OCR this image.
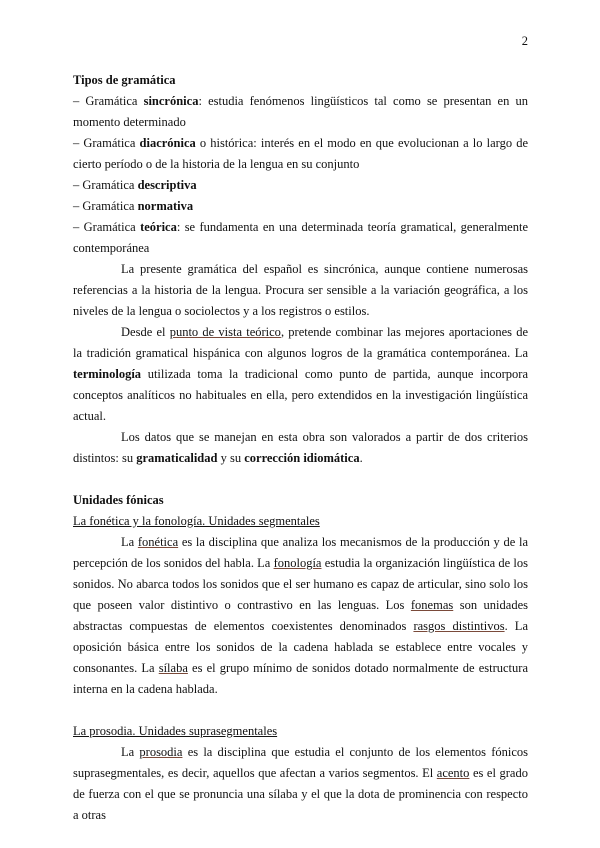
2

Tipos de gramática

– Gramática sincrónica: estudia fenómenos lingüísticos tal como se presentan en un momento determinado

– Gramática diacrónica o histórica: interés en el modo en que evolucionan a lo largo de cierto período o de la historia de la lengua en su conjunto

– Gramática descriptiva

– Gramática normativa

– Gramática teórica: se fundamenta en una determinada teoría gramatical, generalmente contemporánea

La presente gramática del español es sincrónica, aunque contiene numerosas referencias a la historia de la lengua. Procura ser sensible a la variación geográfica, a los niveles de la lengua o sociolectos y a los registros o estilos.

Desde el punto de vista teórico, pretende combinar las mejores aportaciones de la tradición gramatical hispánica con algunos logros de la gramática contemporánea. La terminología utilizada toma la tradicional como punto de partida, aunque incorpora conceptos analíticos no habituales en ella, pero extendidos en la investigación lingüística actual.

Los datos que se manejan en esta obra son valorados a partir de dos criterios distintos: su gramaticalidad y su corrección idiomática.

Unidades fónicas

La fonética y la fonología. Unidades segmentales

La fonética es la disciplina que analiza los mecanismos de la producción y de la percepción de los sonidos del habla. La fonología estudia la organización lingüística de los sonidos. No abarca todos los sonidos que el ser humano es capaz de articular, sino solo los que poseen valor distintivo o contrastivo en las lenguas. Los fonemas son unidades abstractas compuestas de elementos coexistentes denominados rasgos distintivos. La oposición básica entre los sonidos de la cadena hablada se establece entre vocales y consonantes. La sílaba es el grupo mínimo de sonidos dotado normalmente de estructura interna en la cadena hablada.

La prosodia. Unidades suprasegmentales

La prosodia es la disciplina que estudia el conjunto de los elementos fónicos suprasegmentales, es decir, aquellos que afectan a varios segmentos. El acento es el grado de fuerza con el que se pronuncia una sílaba y el que la dota de prominencia con respecto a otras
